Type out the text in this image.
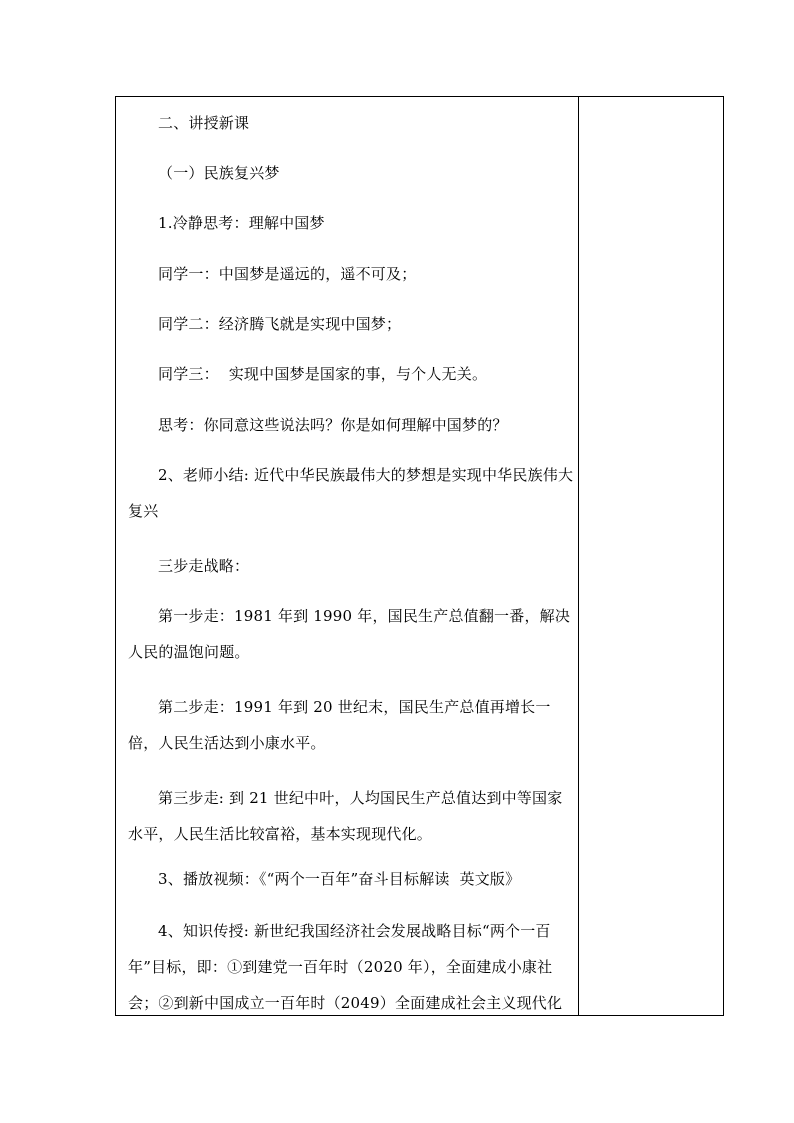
二、讲授新课

（一）民族复兴梦

1.冷静思考：理解中国梦

同学一：中国梦是遥远的，遥不可及；

同学二：经济腾飞就是实现中国梦；

同学三：  实现中国梦是国家的事，与个人无关。

思考：你同意这些说法吗？你是如何理解中国梦的？

2、老师小结: 近代中华民族最伟大的梦想是实现中华民族伟大复兴

三步走战略：

第一步走：1981 年到 1990 年，国民生产总值翻一番，解决人民的温饱问题。

第二步走：1991 年到 20 世纪末，国民生产总值再增长一倍，人民生活达到小康水平。

第三步走: 到 21 世纪中叶，人均国民生产总值达到中等国家水平，人民生活比较富裕，基本实现现代化。

3、播放视频：《“两个一百年”奋斗目标解读  英文版》

4、知识传授: 新世纪我国经济社会发展战略目标“两个一百年”目标，即：①到建党一百年时（2020 年），全面建成小康社会；②到新中国成立一百年时（2049）全面建成社会主义现代化
